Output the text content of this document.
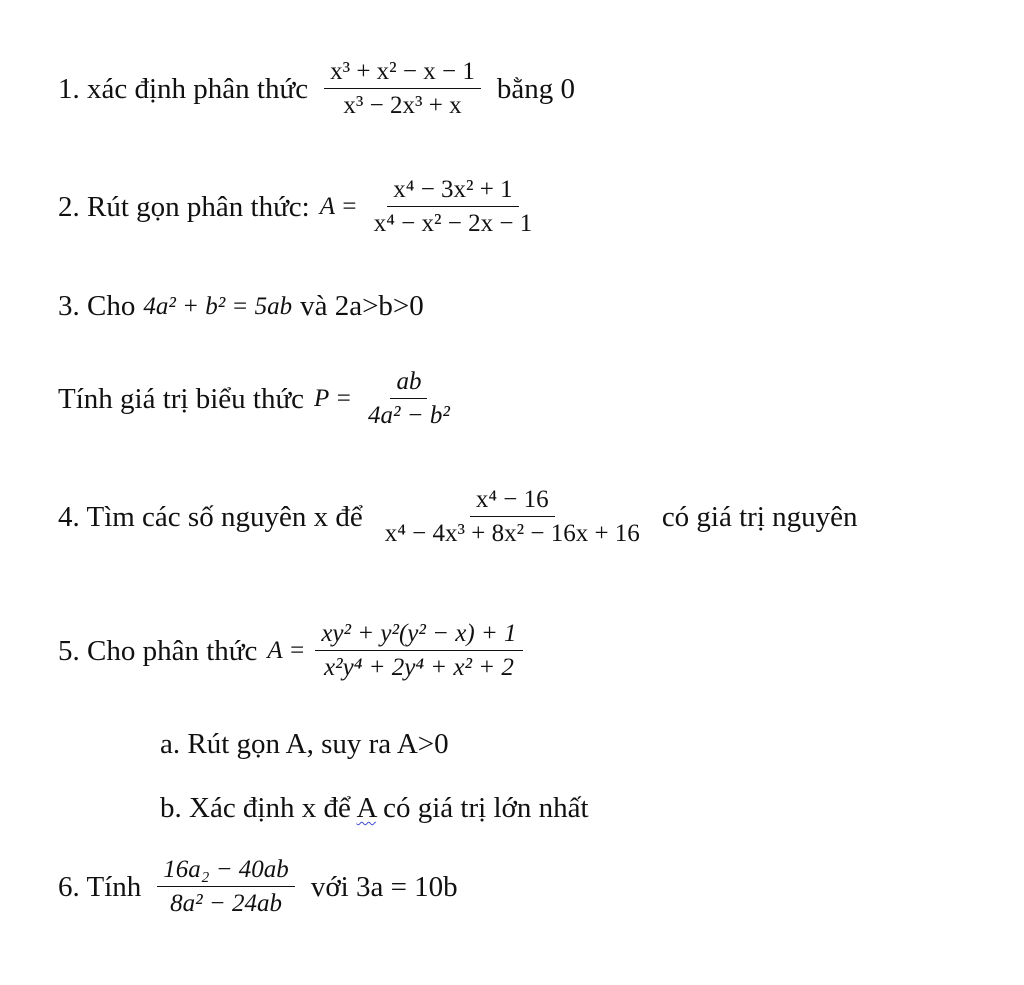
1. xác định phân thức $\frac{\text{x³ + x² − x − 1}}{\text{x³ − 2x³ + x}}$ bằng 0
2. Rút gọn phân thức: $A = \frac{\text{x⁴ − 3x² + 1}}{\text{x⁴ − x² − 2x − 1}}$
3. Cho 4a² + b² = 5ab và 2a>b>0
Tính giá trị biểu thức $P = \frac{ab}{\text{4a² − b²}}$
4. Tìm các số nguyên x để $\frac{\text{x⁴ − 16}}{\text{x⁴ − 4x³ + 8x² − 16x + 16}}$ có giá trị nguyên
5. Cho phân thức $A = \frac{\text{xy² + y²(y² − x) + 1}}{\text{x²y⁴ + 2y⁴ + x² + 2}}$
a. Rút gọn A, suy ra A>0
b. Xác định x để A có giá trị lớn nhất
6. Tính $\frac{\text{16a₂ − 40ab}}{\text{8a² − 24ab}}$ với 3a = 10b
